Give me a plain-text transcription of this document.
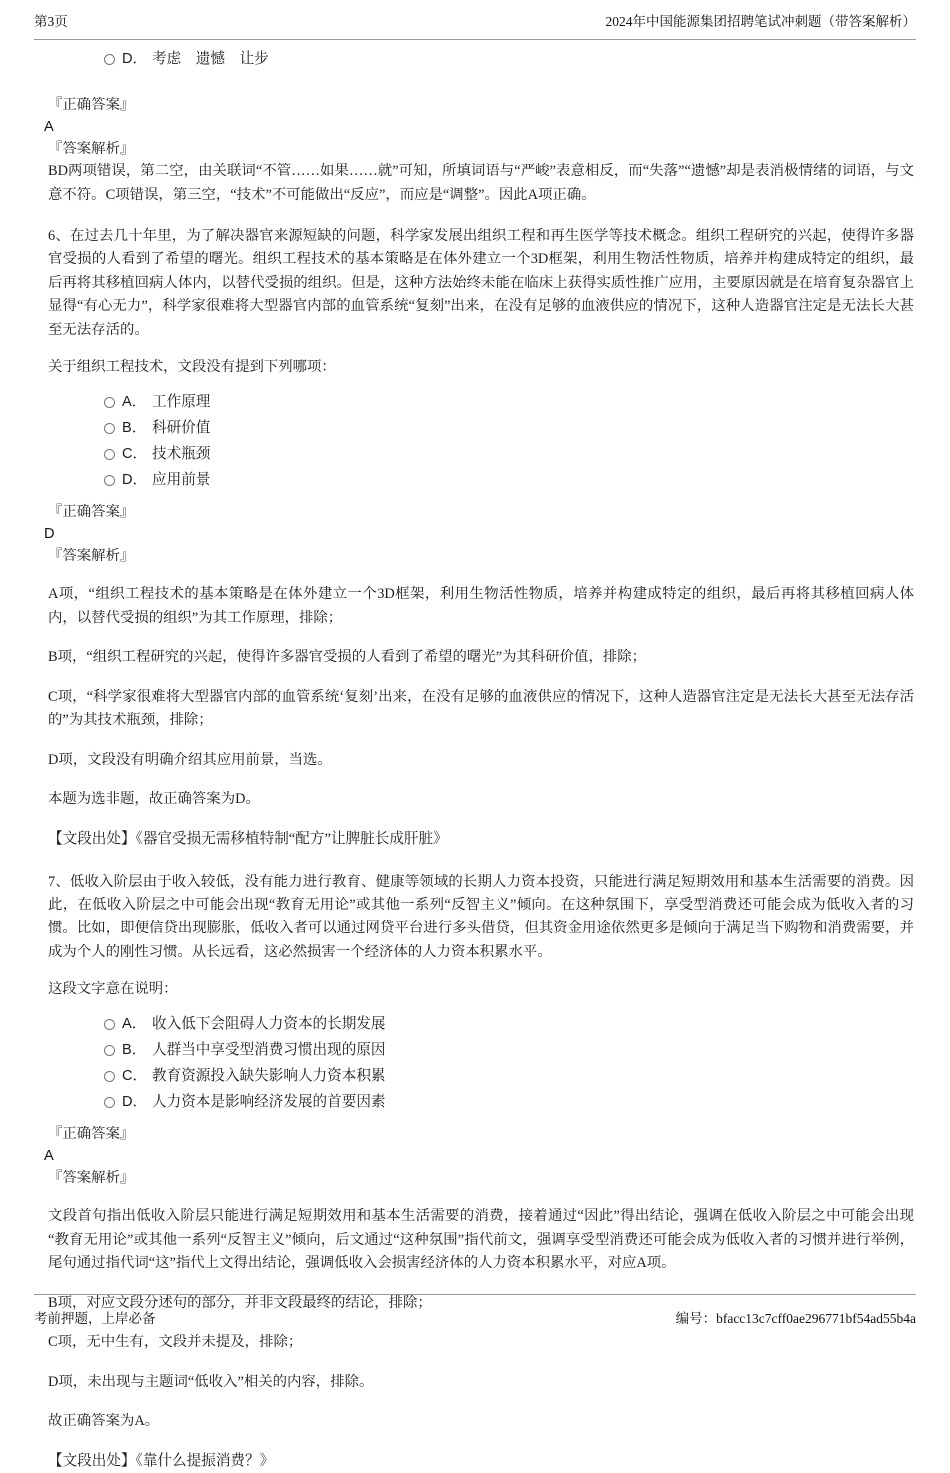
第3页	2024年中国能源集团招聘笔试冲刺题（带答案解析）
D． 考虑　遗憾　让步
『正确答案』
A
『答案解析』
BD两项错误，第二空，由关联词“不管……如果……就”可知，所填词语与“严峻”表意相反，而“失落”“遗憾”却是表消极情绪的词语，与文意不符。C项错误，第三空，“技术”不可能做出“反应”，而应是“调整”。因此A项正确。
6、在过去几十年里，为了解决器官来源短缺的问题，科学家发展出组织工程和再生医学等技术概念。组织工程研究的兴起，使得许多器官受损的人看到了希望的曙光。组织工程技术的基本策略是在体外建立一个3D框架，利用生物活性物质，培养并构建成特定的组织，最后再将其移植回病人体内，以替代受损的组织。但是，这种方法始终未能在临床上获得实质性推广应用，主要原因就是在培育复杂器官上显得“有心无力”，科学家很难将大型器官内部的血管系统“复刻”出来，在没有足够的血液供应的情况下，这种人造器官注定是无法长大甚至无法存活的。
关于组织工程技术，文段没有提到下列哪项：
A． 工作原理
B． 科研价值
C． 技术瓶颈
D． 应用前景
『正确答案』
D
『答案解析』
A项，“组织工程技术的基本策略是在体外建立一个3D框架，利用生物活性物质，培养并构建成特定的组织，最后再将其移植回病人体内，以替代受损的组织”为其工作原理，排除；
B项，“组织工程研究的兴起，使得许多器官受损的人看到了希望的曙光”为其科研价值，排除；
C项，“科学家很难将大型器官内部的血管系统‘复刻’出来，在没有足够的血液供应的情况下，这种人造器官注定是无法长大甚至无法存活的”为其技术瓶颈，排除；
D项，文段没有明确介绍其应用前景，当选。
本题为选非题，故正确答案为D。
【文段出处】《器官受损无需移植特制“配方”让脾脏长成肝脏》
7、低收入阶层由于收入较低，没有能力进行教育、健康等领域的长期人力资本投资，只能进行满足短期效用和基本生活需要的消费。因此，在低收入阶层之中可能会出现“教育无用论”或其他一系列“反智主义”倾向。在这种氛围下，享受型消费还可能会成为低收入者的习惯。比如，即便信贷出现膨胀，低收入者可以通过网贷平台进行多头借贷，但其资金用途依然更多是倾向于满足当下购物和消费需要，并成为个人的刚性习惯。从长远看，这必然损害一个经济体的人力资本积累水平。
这段文字意在说明：
A． 收入低下会阻碍人力资本的长期发展
B． 人群当中享受型消费习惯出现的原因
C． 教育资源投入缺失影响人力资本积累
D． 人力资本是影响经济发展的首要因素
『正确答案』
A
『答案解析』
文段首句指出低收入阶层只能进行满足短期效用和基本生活需要的消费，接着通过“因此”得出结论，强调在低收入阶层之中可能会出现“教育无用论”或其他一系列“反智主义”倾向，后文通过“这种氛围”指代前文，强调享受型消费还可能会成为低收入者的习惯并进行举例，尾句通过指代词“这”指代上文得出结论，强调低收入会损害经济体的人力资本积累水平，对应A项。
B项，对应文段分述句的部分，并非文段最终的结论，排除；
C项，无中生有，文段并未提及，排除；
D项，未出现与主题词“低收入”相关的内容，排除。
故正确答案为A。
【文段出处】《靠什么提振消费？》
考前押题，上岸必备	编号：bfacc13c7cff0ae296771bf54ad55b4a
